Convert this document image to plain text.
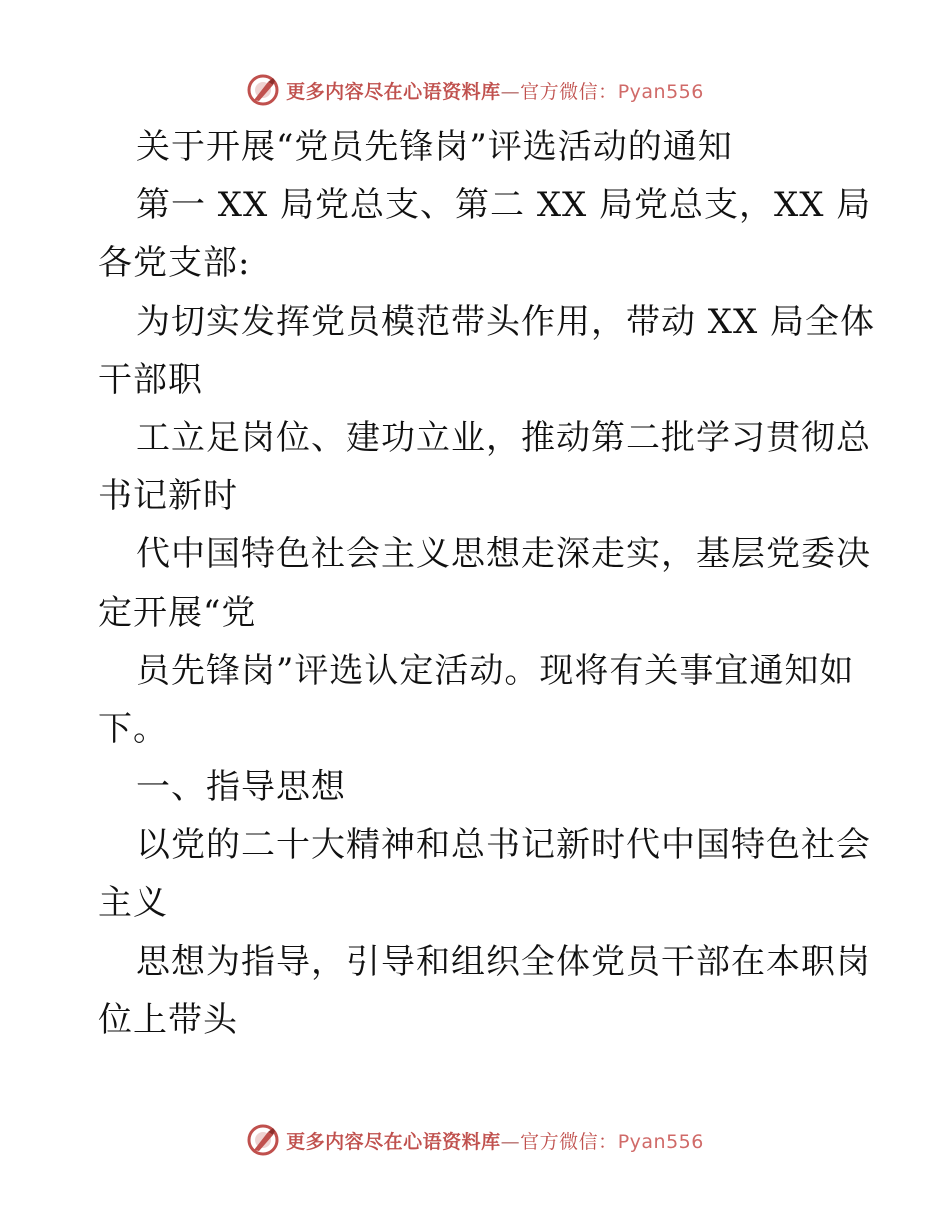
更多内容尽在心语资料库—官方微信：Pyan556
关于开展“党员先锋岗”评选活动的通知
第一 XX 局党总支、第二 XX 局党总支，XX 局
各党支部:
为切实发挥党员模范带头作用，带动 XX 局全体
干部职
工立足岗位、建功立业，推动第二批学习贯彻总
书记新时
代中国特色社会主义思想走深走实，基层党委决
定开展“党
员先锋岗”评选认定活动。现将有关事宜通知如
下。
一、指导思想
以党的二十大精神和总书记新时代中国特色社会
主义
思想为指导，引导和组织全体党员干部在本职岗
位上带头
更多内容尽在心语资料库—官方微信：Pyan556
